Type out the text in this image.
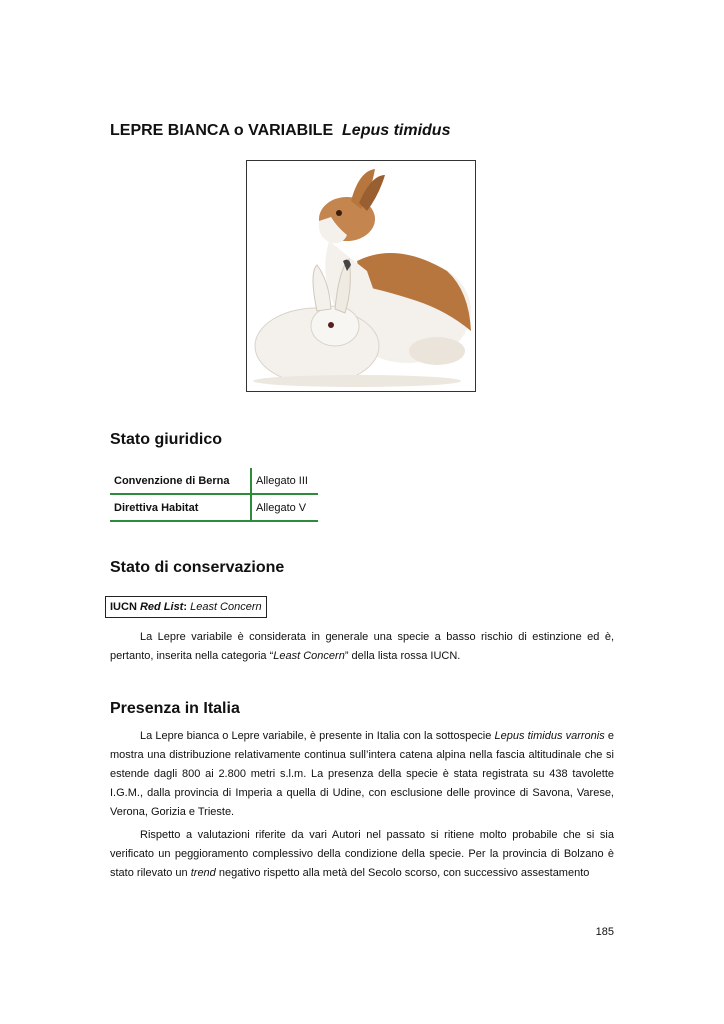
LEPRE BIANCA o VARIABILE Lepus timidus
Stato giuridico
Convenzione di Berna	Allegato III
Direttiva Habitat	Allegato V
Stato di conservazione
IUCN Red List: Least Concern

La Lepre variabile è considerata in generale una specie a basso rischio di estinzione ed è, pertanto, inserita nella categoria “Least Concern” della lista rossa IUCN.

Presenza in Italia

La Lepre bianca o Lepre variabile, è presente in Italia con la sottospecie Lepus timidus varronis e mostra una distribuzione relativamente continua sull’intera catena alpina nella fascia altitudinale che si estende dagli 800 ai 2.800 metri s.l.m. La presenza della specie è stata registrata su 438 tavolette I.G.M., dalla provincia di Imperia a quella di Udine, con esclusione delle province di Savona, Varese, Verona, Gorizia e Trieste.

Rispetto a valutazioni riferite da vari Autori nel passato si ritiene molto probabile che si sia verificato un peggioramento complessivo della condizione della specie. Per la provincia di Bolzano è stato rilevato un trend negativo rispetto alla metà del Secolo scorso, con successivo assestamento

185
